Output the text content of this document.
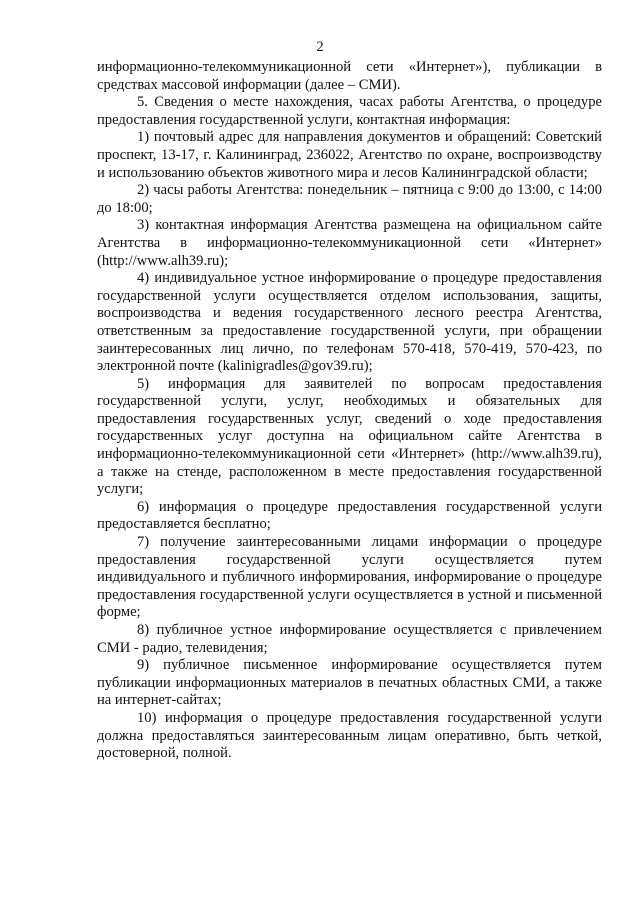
2

информационно-телекоммуникационной сети «Интернет»), публикации в средствах массовой информации (далее – СМИ).

5. Сведения о месте нахождения, часах работы Агентства, о процедуре предоставления государственной услуги, контактная информация:

1) почтовый адрес для направления документов и обращений: Советский проспект, 13-17, г. Калининград, 236022, Агентство по охране, воспроизводству и использованию объектов животного мира и лесов Калининградской области;

2) часы работы Агентства: понедельник – пятница с 9:00 до 13:00, с 14:00 до 18:00;

3) контактная информация Агентства размещена на официальном сайте Агентства в информационно-телекоммуникационной сети «Интернет» (http://www.alh39.ru);

4) индивидуальное устное информирование о процедуре предоставления государственной услуги осуществляется отделом использования, защиты, воспроизводства и ведения государственного лесного реестра Агентства, ответственным за предоставление государственной услуги, при обращении заинтересованных лиц лично, по телефонам 570-418, 570-419, 570-423, по электронной почте (kalinigradles@gov39.ru);

5) информация для заявителей по вопросам предоставления государственной услуги, услуг, необходимых и обязательных для предоставления государственных услуг, сведений о ходе предоставления государственных услуг доступна на официальном сайте Агентства в информационно-телекоммуникационной сети «Интернет» (http://www.alh39.ru), а также на стенде, расположенном в месте предоставления государственной услуги;

6) информация о процедуре предоставления государственной услуги предоставляется бесплатно;

7) получение заинтересованными лицами информации о процедуре предоставления государственной услуги осуществляется путем индивидуального и публичного информирования, информирование о процедуре предоставления государственной услуги осуществляется в устной и письменной форме;

8) публичное устное информирование осуществляется с привлечением СМИ - радио, телевидения;

9) публичное письменное информирование осуществляется путем публикации информационных материалов в печатных областных СМИ, а также на интернет-сайтах;

10) информация о процедуре предоставления государственной услуги должна предоставляться заинтересованным лицам оперативно, быть четкой, достоверной, полной.
